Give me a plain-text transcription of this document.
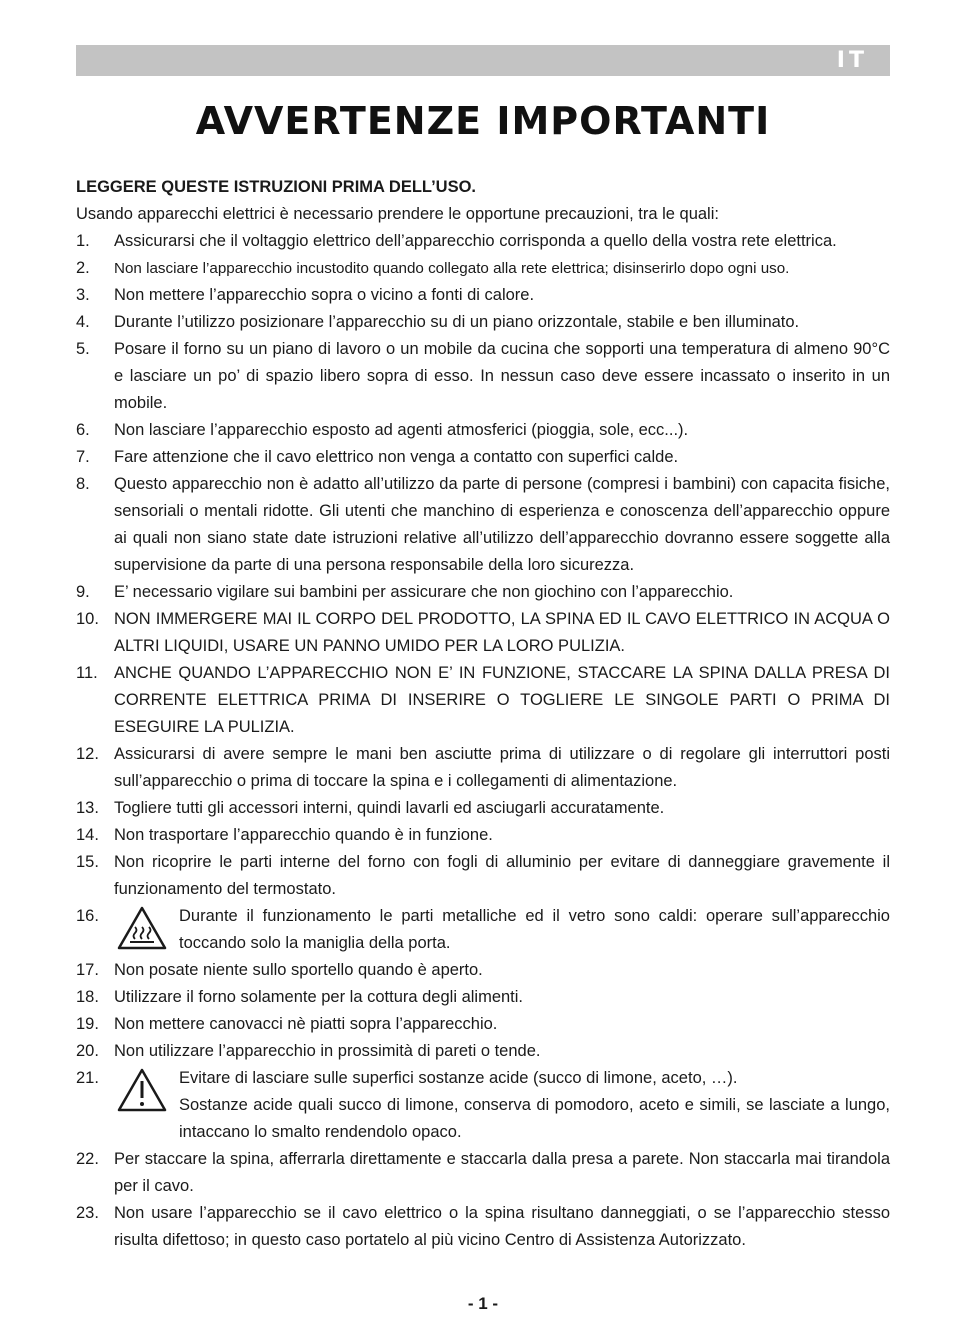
IT
AVVERTENZE IMPORTANTI

LEGGERE QUESTE ISTRUZIONI PRIMA DELL’USO.

Usando apparecchi elettrici è necessario prendere le opportune precauzioni, tra le quali:

1. Assicurarsi che il voltaggio elettrico dell’apparecchio corrisponda a quello della vostra rete elettrica.
2. Non lasciare l’apparecchio incustodito quando collegato alla rete elettrica; disinserirlo dopo ogni uso.
3. Non mettere l’apparecchio sopra o vicino a fonti di calore.
4. Durante l’utilizzo posizionare l’apparecchio su di un piano orizzontale, stabile e ben illuminato.
5. Posare il forno su un piano di lavoro o un mobile da cucina che sopporti una temperatura di almeno 90°C e lasciare un po’ di spazio libero sopra di esso. In nessun caso deve essere incassato o inserito in un mobile.
6. Non lasciare l’apparecchio esposto ad agenti atmosferici (pioggia, sole, ecc...).
7. Fare attenzione che il cavo elettrico non venga a contatto con superfici calde.
8. Questo apparecchio non è adatto all’utilizzo da parte di persone (compresi i bambini) con capacita fisiche, sensoriali o mentali ridotte. Gli utenti che manchino di esperienza e conoscenza dell’apparecchio oppure ai quali non siano state date istruzioni relative all’utilizzo dell’apparecchio dovranno essere soggette alla supervisione da parte di una persona responsabile della loro sicurezza.
9. E’ necessario vigilare sui bambini per assicurare che non giochino con l’apparecchio.
10. NON IMMERGERE MAI IL CORPO DEL PRODOTTO, LA SPINA ED IL CAVO ELETTRICO IN ACQUA O ALTRI LIQUIDI, USARE UN PANNO UMIDO PER LA LORO PULIZIA.
11. ANCHE QUANDO L’APPARECCHIO NON E’ IN FUNZIONE, STACCARE LA SPINA DALLA PRESA DI CORRENTE ELETTRICA PRIMA DI INSERIRE O TOGLIERE LE SINGOLE PARTI O PRIMA DI ESEGUIRE LA PULIZIA.
12. Assicurarsi di avere sempre le mani ben asciutte prima di utilizzare o di regolare gli interruttori posti sull’apparecchio o prima di toccare la spina e i collegamenti di alimentazione.
13. Togliere tutti gli accessori interni, quindi lavarli ed asciugarli accuratamente.
14. Non trasportare l’apparecchio quando è in funzione.
15. Non ricoprire le parti interne del forno con fogli di alluminio per evitare di danneggiare gravemente il funzionamento del termostato.
16.	Durante il funzionamento le parti metalliche ed il vetro sono caldi: operare sull’apparecchio toccando solo la maniglia della porta.
17. Non posate niente sullo sportello quando è aperto.
18. Utilizzare il forno solamente per la cottura degli alimenti.
19. Non mettere canovacci nè piatti sopra l’apparecchio.
20. Non utilizzare l’apparecchio in prossimità di pareti o tende.
21.	Evitare di lasciare sulle superfici sostanze acide (succo di limone, aceto, …).
Sostanze acide quali succo di limone, conserva di pomodoro, aceto e simili, se lasciate a lungo, intaccano lo smalto rendendolo opaco.
22. Per staccare la spina, afferrarla direttamente e staccarla dalla presa a parete. Non staccarla mai tirandola per il cavo.
23. Non usare l’apparecchio se il cavo elettrico o la spina risultano danneggiati, o se l’apparecchio stesso risulta difettoso; in questo caso portatelo al più vicino Centro di Assistenza Autorizzato.
- 1 -
